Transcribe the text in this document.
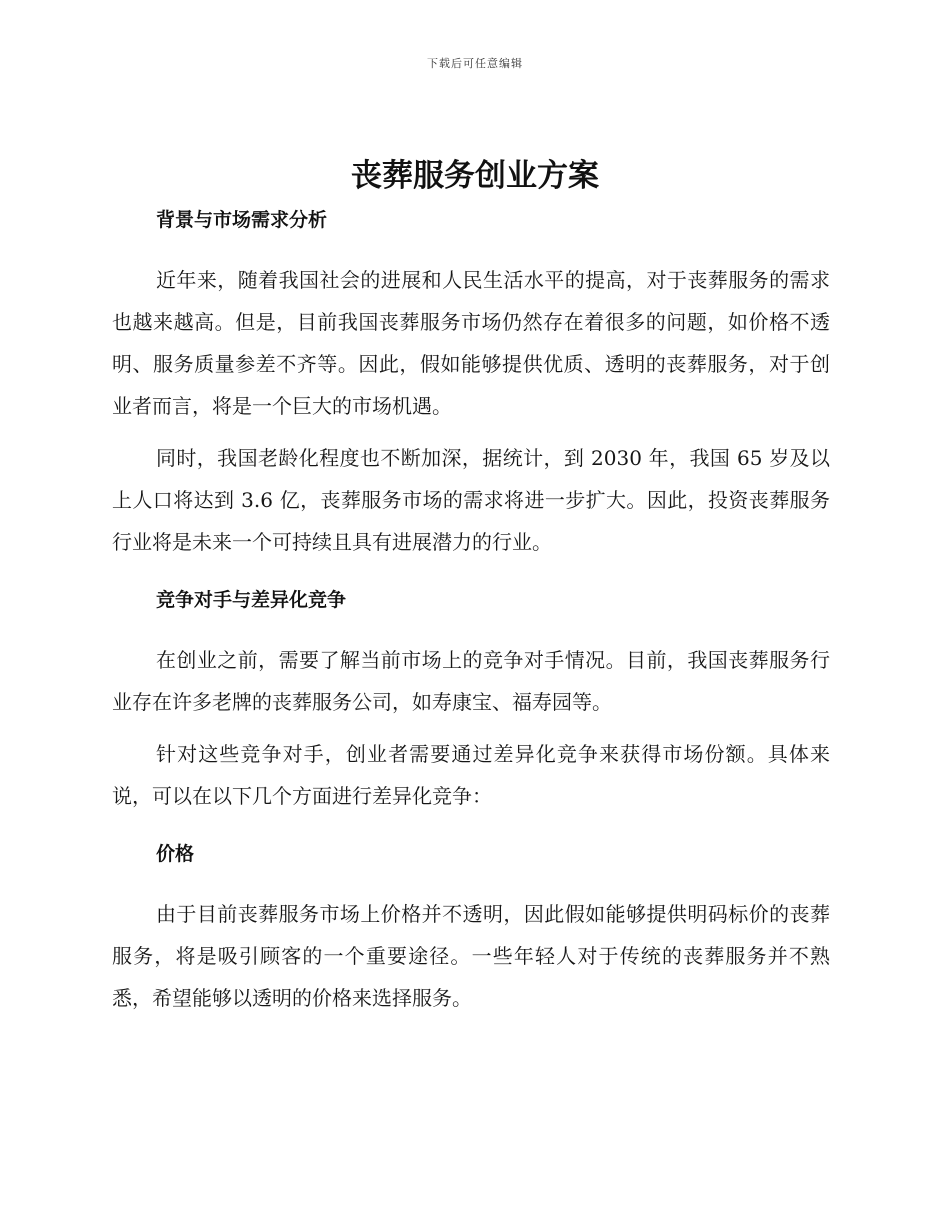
下载后可任意编辑
丧葬服务创业方案
背景与市场需求分析

近年来，随着我国社会的进展和人民生活水平的提高，对于丧葬服务的需求也越来越高。但是，目前我国丧葬服务市场仍然存在着很多的问题，如价格不透明、服务质量参差不齐等。因此，假如能够提供优质、透明的丧葬服务，对于创业者而言，将是一个巨大的市场机遇。

同时，我国老龄化程度也不断加深，据统计，到 2030 年，我国 65 岁及以上人口将达到 3.6 亿，丧葬服务市场的需求将进一步扩大。因此，投资丧葬服务行业将是未来一个可持续且具有进展潜力的行业。

竞争对手与差异化竞争

在创业之前，需要了解当前市场上的竞争对手情况。目前，我国丧葬服务行业存在许多老牌的丧葬服务公司，如寿康宝、福寿园等。

针对这些竞争对手，创业者需要通过差异化竞争来获得市场份额。具体来说，可以在以下几个方面进行差异化竞争：

价格

由于目前丧葬服务市场上价格并不透明，因此假如能够提供明码标价的丧葬服务，将是吸引顾客的一个重要途径。一些年轻人对于传统的丧葬服务并不熟悉，希望能够以透明的价格来选择服务。
